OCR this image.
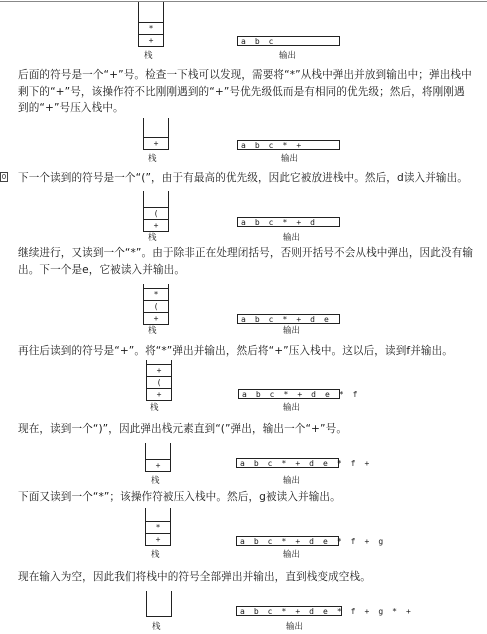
*
+	a b c
栈	输出
后面的符号是一个“+”号。检查一下栈可以发现，需要将“*”从栈中弹出并放到输出中；弹出栈中剩下的“+”号，该操作符不比刚刚遇到的“+”号优先级低而是有相同的优先级；然后，将刚刚遇到的“+”号压入栈中。
+	a b c * +
栈	输出
0 下一个读到的符号是一个“(”，由于有最高的优先级，因此它被放进栈中。然后，d读入并输出。
(
+	a b c * + d
栈	输出
继续进行，又读到一个“*”。由于除非正在处理闭括号，否则开括号不会从栈中弹出，因此没有输出。下一个是e，它被读入并输出。
*
(
+	a b c * + d e
栈	输出
再往后读到的符号是“+”。将“*”弹出并输出，然后将“+”压入栈中。这以后，读到f并输出。
+
(
+	a b c * + d e * f
栈	输出
现在，读到一个“)”，因此弹出栈元素直到“(”弹出，输出一个“+”号。
+	a b c * + d e * f +
栈	输出
下面又读到一个“*”；该操作符被压入栈中。然后，g被读入并输出。
*
+	a b c * + d e * f + g
栈	输出
现在输入为空，因此我们将栈中的符号全部弹出并输出，直到栈变成空栈。
a b c * + d e * f + g * +
栈	输出
